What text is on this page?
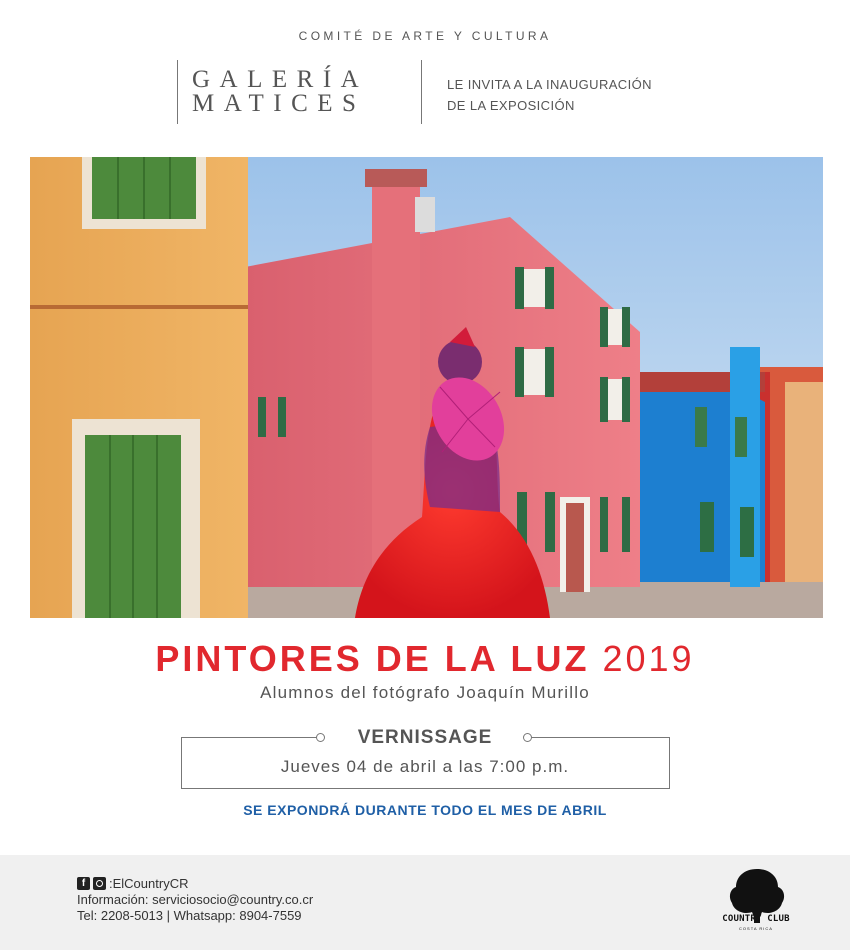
COMITÉ DE ARTE Y CULTURA
GALERÍA
MATICES
LE INVITA A LA INAUGURACIÓN
DE LA EXPOSICIÓN
PINTORES DE LA LUZ 2019
Alumnos del fotógrafo Joaquín Murillo
VERNISSAGE
Jueves 04 de abril a las 7:00 p.m.
SE EXPONDRÁ DURANTE TODO EL MES DE ABRIL
f	:ElCountryCR
Información: serviciosocio@country.co.cr
Tel: 2208-5013 | Whatsapp: 8904-7559	COUNTRY CLUB
COSTA RICA
